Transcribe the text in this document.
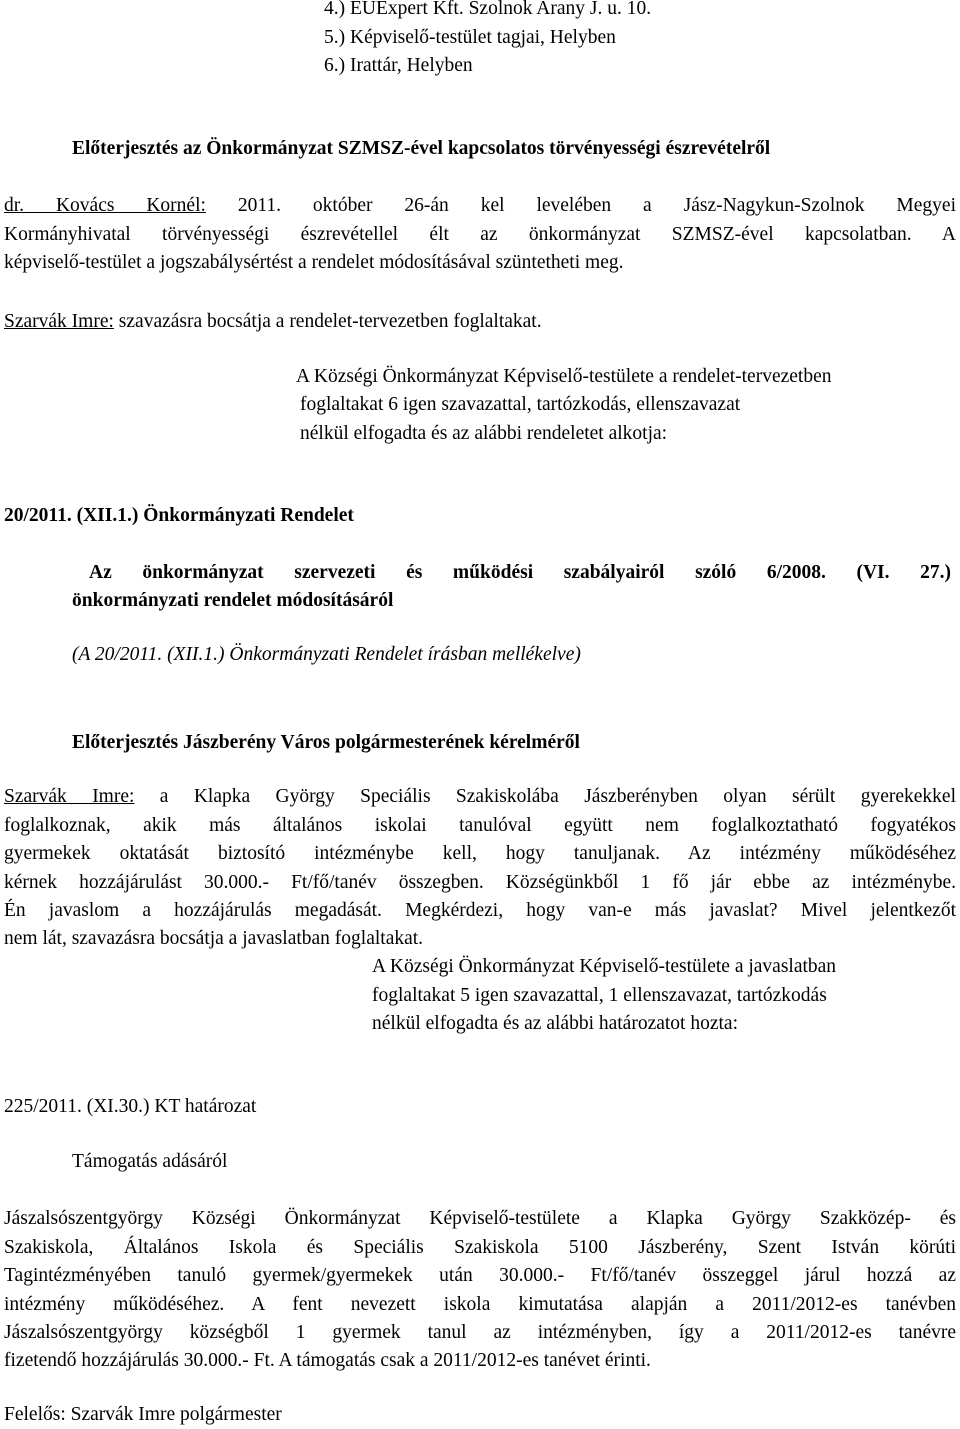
4.) EUExpert Kft. Szolnok Arany J. u. 10.
5.) Képviselő-testület tagjai, Helyben
6.) Irattár, Helyben
Előterjesztés az Önkormányzat SZMSZ-ével kapcsolatos törvényességi észrevételről
dr. Kovács Kornél: 2011. október 26-án kel levelében a Jász-Nagykun-Szolnok Megyei
Kormányhivatal törvényességi észrevétellel élt az önkormányzat SZMSZ-ével kapcsolatban. A
képviselő-testület a jogszabálysértést a rendelet módosításával szüntetheti meg.
Szarvák Imre: szavazásra bocsátja a rendelet-tervezetben foglaltakat.
A Községi Önkormányzat Képviselő-testülete a rendelet-tervezetben
foglaltakat 6 igen szavazattal, tartózkodás, ellenszavazat
nélkül elfogadta és az alábbi rendeletet alkotja:
20/2011. (XII.1.) Önkormányzati Rendelet
Az önkormányzat szervezeti és működési szabályairól szóló 6/2008. (VI. 27.)
önkormányzati rendelet módosításáról
(A 20/2011. (XII.1.) Önkormányzati Rendelet írásban mellékelve)
Előterjesztés Jászberény Város polgármesterének kérelméről
Szarvák Imre: a Klapka György Speciális Szakiskolába Jászberényben olyan sérült gyerekekkel
foglalkoznak, akik más általános iskolai tanulóval együtt nem foglalkoztatható fogyatékos
gyermekek oktatását biztosító intézménybe kell, hogy tanuljanak. Az intézmény működéséhez
kérnek hozzájárulást 30.000.- Ft/fő/tanév összegben. Községünkből 1 fő jár ebbe az intézménybe.
Én javaslom a hozzájárulás megadását. Megkérdezi, hogy van-e más javaslat? Mivel jelentkezőt
nem lát, szavazásra bocsátja a javaslatban foglaltakat.
A Községi Önkormányzat Képviselő-testülete a javaslatban
foglaltakat 5 igen szavazattal, 1 ellenszavazat, tartózkodás
nélkül elfogadta és az alábbi határozatot hozta:
225/2011. (XI.30.) KT határozat
Támogatás adásáról
Jászalsószentgyörgy Községi Önkormányzat Képviselő-testülete a Klapka György Szakközép- és
Szakiskola, Általános Iskola és Speciális Szakiskola 5100 Jászberény, Szent István körúti
Tagintézményében tanuló gyermek/gyermekek után 30.000.- Ft/fő/tanév összeggel járul hozzá az
intézmény működéséhez. A fent nevezett iskola kimutatása alapján a 2011/2012-es tanévben
Jászalsószentgyörgy községből 1 gyermek tanul az intézményben, így a 2011/2012-es tanévre
fizetendő hozzájárulás 30.000.- Ft. A támogatás csak a 2011/2012-es tanévet érinti.
Felelős: Szarvák Imre polgármester
